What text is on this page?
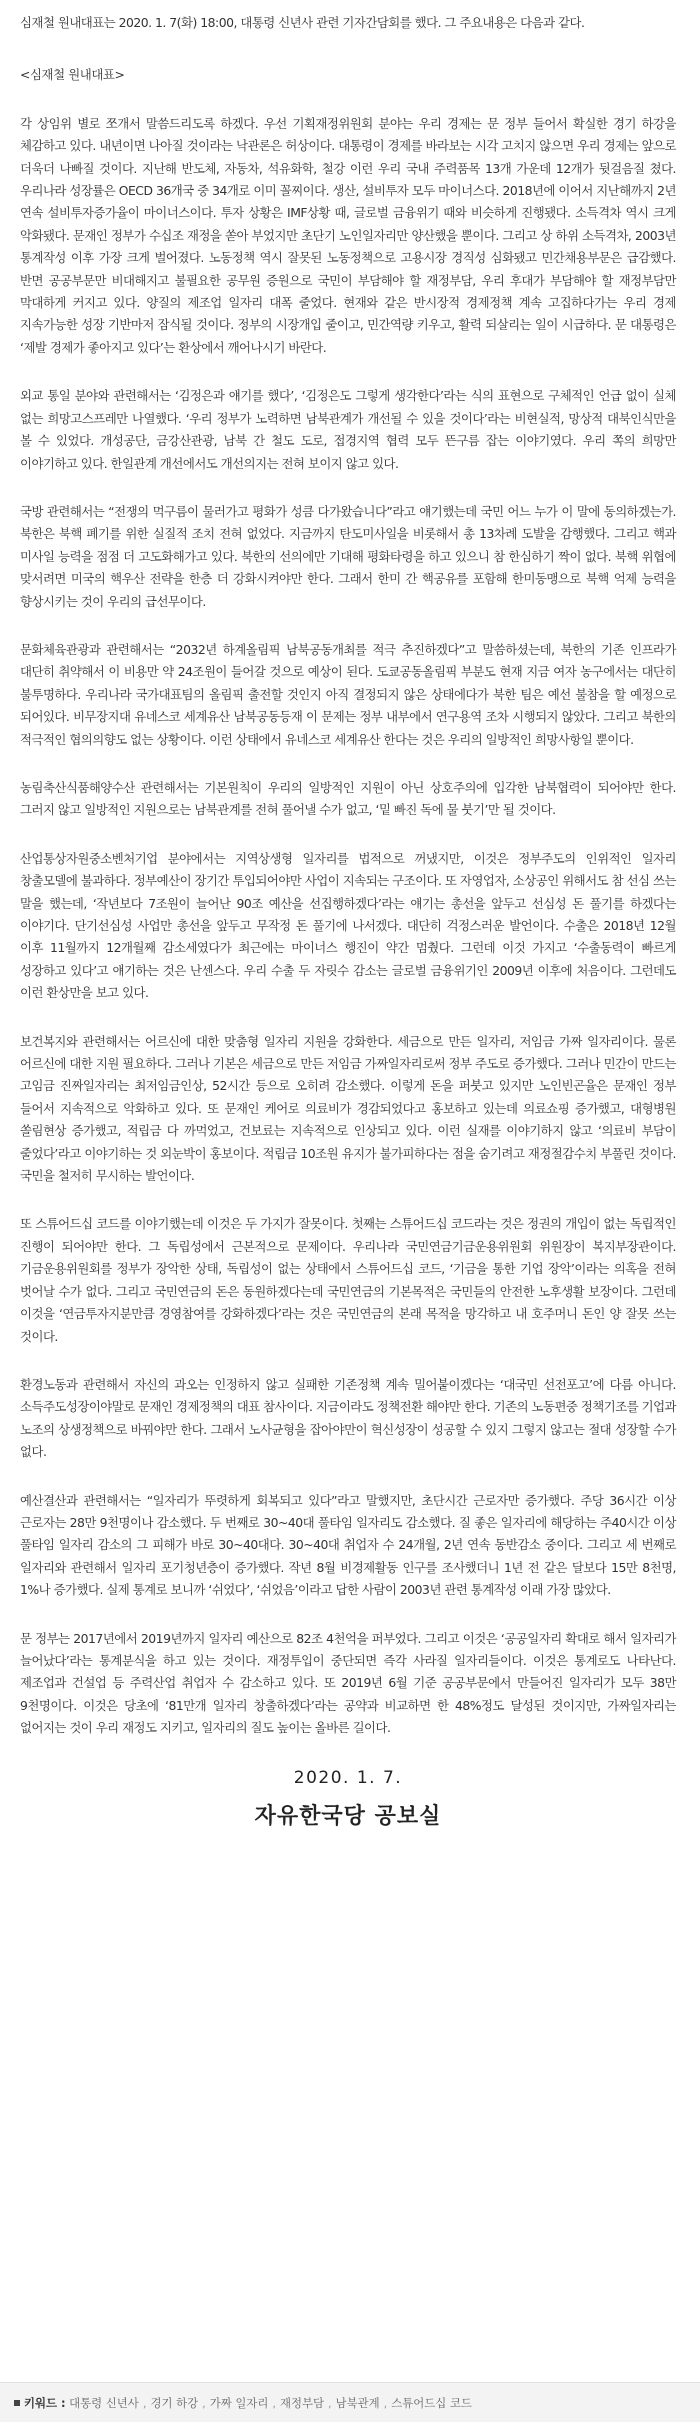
심재철 원내대표는 2020. 1. 7(화) 18:00, 대통령 신년사 관련 기자간담회를 했다. 그 주요내용은 다음과 같다.

<심재철 원내대표>

각 상임위 별로 쪼개서 말씀드리도록 하겠다. 우선 기획재정위원회 분야는 우리 경제는 문 정부 들어서 확실한 경기 하강을 체감하고 있다. 내년이면 나아질 것이라는 낙관론은 허상이다. 대통령이 경제를 바라보는 시각 고치지 않으면 우리 경제는 앞으로 더욱더 나빠질 것이다. 지난해 반도체, 자동차, 석유화학, 철강 이런 우리 국내 주력품목 13개 가운데 12개가 뒷걸음질 쳤다. 우리나라 성장률은 OECD 36개국 중 34개로 이미 꼴찌이다. 생산, 설비투자 모두 마이너스다. 2018년에 이어서 지난해까지 2년 연속 설비투자증가율이 마이너스이다. 투자 상황은 IMF상황 때, 글로벌 금융위기 때와 비슷하게 진행됐다. 소득격차 역시 크게 악화됐다. 문재인 정부가 수십조 재정을 쏟아 부었지만 초단기 노인일자리만 양산했을 뿐이다. 그리고 상 하위 소득격차, 2003년 통계작성 이후 가장 크게 벌어졌다. 노동정책 역시 잘못된 노동정책으로 고용시장 경직성 심화됐고 민간채용부문은 급감했다. 반면 공공부문만 비대해지고 불필요한 공무원 증원으로 국민이 부담해야 할 재정부담, 우리 후대가 부담해야 할 재정부담만 막대하게 커지고 있다. 양질의 제조업 일자리 대폭 줄었다. 현재와 같은 반시장적 경제정책 계속 고집하다가는 우리 경제 지속가능한 성장 기반마저 잠식될 것이다. 정부의 시장개입 줄이고, 민간역량 키우고, 활력 되살리는 일이 시급하다. 문 대통령은 ‘제발 경제가 좋아지고 있다’는 환상에서 깨어나시기 바란다.

외교 통일 분야와 관련해서는 ‘김정은과 얘기를 했다’, ‘김정은도 그렇게 생각한다’라는 식의 표현으로 구체적인 언급 없이 실체 없는 희망고스프레만 나열했다. ‘우리 정부가 노력하면 남북관계가 개선될 수 있을 것이다’라는 비현실적, 망상적 대북인식만을 볼 수 있었다. 개성공단, 금강산관광, 남북 간 철도 도로, 접경지역 협력 모두 뜬구름 잡는 이야기였다. 우리 쪽의 희망만 이야기하고 있다. 한일관계 개선에서도 개선의지는 전혀 보이지 않고 있다.

국방 관련해서는 “전쟁의 먹구름이 물러가고 평화가 성큼 다가왔습니다”라고 얘기했는데 국민 어느 누가 이 말에 동의하겠는가. 북한은 북핵 폐기를 위한 실질적 조치 전혀 없었다. 지금까지 탄도미사일을 비롯해서 총 13차례 도발을 감행했다. 그리고 핵과 미사일 능력을 점점 더 고도화해가고 있다. 북한의 선의에만 기대해 평화타령을 하고 있으니 참 한심하기 짝이 없다. 북핵 위협에 맞서려면 미국의 핵우산 전략을 한층 더 강화시켜야만 한다. 그래서 한미 간 핵공유를 포함해 한미동맹으로 북핵 억제 능력을 향상시키는 것이 우리의 급선무이다.

문화체육관광과 관련해서는 “2032년 하계올림픽 남북공동개최를 적극 추진하겠다”고 말씀하셨는데, 북한의 기존 인프라가 대단히 취약해서 이 비용만 약 24조원이 들어갈 것으로 예상이 된다. 도쿄공동올림픽 부분도 현재 지금 여자 농구에서는 대단히 불투명하다. 우리나라 국가대표팀의 올림픽 출전할 것인지 아직 결정되지 않은 상태에다가 북한 팀은 예선 불참을 할 예정으로 되어있다. 비무장지대 유네스코 세계유산 남북공동등재 이 문제는 정부 내부에서 연구용역 조차 시행되지 않았다. 그리고 북한의 적극적인 협의의향도 없는 상황이다. 이런 상태에서 유네스코 세계유산 한다는 것은 우리의 일방적인 희망사항일 뿐이다.

농림축산식품해양수산 관련해서는 기본원칙이 우리의 일방적인 지원이 아닌 상호주의에 입각한 남북협력이 되어야만 한다. 그러지 않고 일방적인 지원으로는 남북관계를 전혀 풀어낼 수가 없고, ‘밑 빠진 독에 물 붓기’만 될 것이다.

산업통상자원중소벤처기업 분야에서는 지역상생형 일자리를 법적으로 꺼냈지만, 이것은 정부주도의 인위적인 일자리 창출모델에 불과하다. 정부예산이 장기간 투입되어야만 사업이 지속되는 구조이다. 또 자영업자, 소상공인 위해서도 참 선심 쓰는 말을 했는데, ‘작년보다 7조원이 늘어난 90조 예산을 선집행하겠다’라는 얘기는 총선을 앞두고 선심성 돈 풀기를 하겠다는 이야기다. 단기선심성 사업만 총선을 앞두고 무작정 돈 풀기에 나서겠다. 대단히 걱정스러운 발언이다. 수출은 2018년 12월 이후 11월까지 12개월째 감소세였다가 최근에는 마이너스 행진이 약간 멈췄다. 그런데 이것 가지고 ‘수출동력이 빠르게 성장하고 있다’고 얘기하는 것은 난센스다. 우리 수출 두 자릿수 감소는 글로벌 금융위기인 2009년 이후에 처음이다. 그런데도 이런 환상만을 보고 있다.

보건복지와 관련해서는 어르신에 대한 맞춤형 일자리 지원을 강화한다. 세금으로 만든 일자리, 저임금 가짜 일자리이다. 물론 어르신에 대한 지원 필요하다. 그러나 기본은 세금으로 만든 저임금 가짜일자리로써 정부 주도로 증가했다. 그러나 민간이 만드는 고임금 진짜일자리는 최저임금인상, 52시간 등으로 오히려 감소했다. 이렇게 돈을 퍼붓고 있지만 노인빈곤율은 문재인 정부 들어서 지속적으로 악화하고 있다. 또 문재인 케어로 의료비가 경감되었다고 홍보하고 있는데 의료쇼핑 증가했고, 대형병원 쏠림현상 증가했고, 적립금 다 까먹었고, 건보료는 지속적으로 인상되고 있다. 이런 실재를 이야기하지 않고 ‘의료비 부담이 줄었다’라고 이야기하는 것 외눈박이 홍보이다. 적립금 10조원 유지가 불가피하다는 점을 숨기려고 재정절감수치 부풀린 것이다. 국민을 철저히 무시하는 발언이다.

또 스튜어드십 코드를 이야기했는데 이것은 두 가지가 잘못이다. 첫째는 스튜어드십 코드라는 것은 정권의 개입이 없는 독립적인 진행이 되어야만 한다. 그 독립성에서 근본적으로 문제이다. 우리나라 국민연금기금운용위원회 위원장이 복지부장관이다. 기금운용위원회를 정부가 장악한 상태, 독립성이 없는 상태에서 스튜어드십 코드, ‘기금을 통한 기업 장악’이라는 의혹을 전혀 벗어날 수가 없다. 그리고 국민연금의 돈은 동원하겠다는데 국민연금의 기본목적은 국민들의 안전한 노후생활 보장이다. 그런데 이것을 ‘연금투자지분만큼 경영참여를 강화하겠다’라는 것은 국민연금의 본래 목적을 망각하고 내 호주머니 돈인 양 잘못 쓰는 것이다.

환경노동과 관련해서 자신의 과오는 인정하지 않고 실패한 기존정책 계속 밀어붙이겠다는 ‘대국민 선전포고’에 다름 아니다. 소득주도성장이야말로 문재인 경제정책의 대표 참사이다. 지금이라도 정책전환 해야만 한다. 기존의 노동편중 정책기조를 기업과 노조의 상생정책으로 바꿔야만 한다. 그래서 노사균형을 잡아야만이 혁신성장이 성공할 수 있지 그렇지 않고는 절대 성장할 수가 없다.

예산결산과 관련해서는 “일자리가 뚜렷하게 회복되고 있다”라고 말했지만, 초단시간 근로자만 증가했다. 주당 36시간 이상 근로자는 28만 9천명이나 감소했다. 두 번째로 30~40대 풀타임 일자리도 감소했다. 질 좋은 일자리에 해당하는 주40시간 이상 풀타임 일자리 감소의 그 피해가 바로 30~40대다. 30~40대 취업자 수 24개월, 2년 연속 동반감소 중이다. 그리고 세 번째로 일자리와 관련해서 일자리 포기청년층이 증가했다. 작년 8월 비경제활동 인구를 조사했더니 1년 전 같은 달보다 15만 8천명, 1%나 증가했다. 실제 통계로 보니까 ‘쉬었다’, ‘쉬었음’이라고 답한 사람이 2003년 관련 통계작성 이래 가장 많았다.

문 정부는 2017년에서 2019년까지 일자리 예산으로 82조 4천억을 퍼부었다. 그리고 이것은 ‘공공일자리 확대로 해서 일자리가 늘어났다’라는 통계분식을 하고 있는 것이다. 재정투입이 중단되면 즉각 사라질 일자리들이다. 이것은 통계로도 나타난다. 제조업과 건설업 등 주력산업 취업자 수 감소하고 있다. 또 2019년 6월 기준 공공부문에서 만들어진 일자리가 모두 38만 9천명이다. 이것은 당초에 ‘81만개 일자리 창출하겠다’라는 공약과 비교하면 한 48%정도 달성된 것이지만, 가짜일자리는 없어지는 것이 우리 재정도 지키고, 일자리의 질도 높이는 올바른 길이다.

2020. 1. 7.
자유한국당 공보실
키워드 : 대통령 신년사 , 경기 하강 , 가짜 일자리 , 재정부담 , 남북관계 , 스튜어드십 코드
